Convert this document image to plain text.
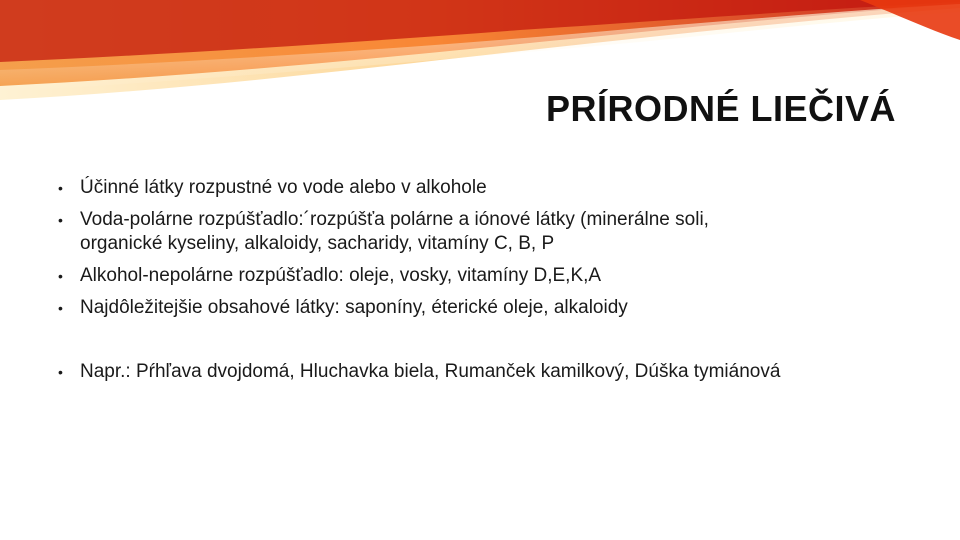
PRÍRODNÉ LIEČIVÁ
• Účinné látky rozpustné vo vode alebo v alkohole
• Voda-polárne rozpúšťadlo:´rozpúšťa polárne a iónové látky (minerálne soli,
organické kyseliny, alkaloidy, sacharidy, vitamíny C, B, P
• Alkohol-nepolárne rozpúšťadlo: oleje, vosky, vitamíny D,E,K,A
• Najdôležitejšie obsahové látky: saponíny, éterické oleje, alkaloidy
• Napr.: Pŕhľava dvojdomá, Hluchavka biela, Rumanček kamilkový, Dúška tymiánová
